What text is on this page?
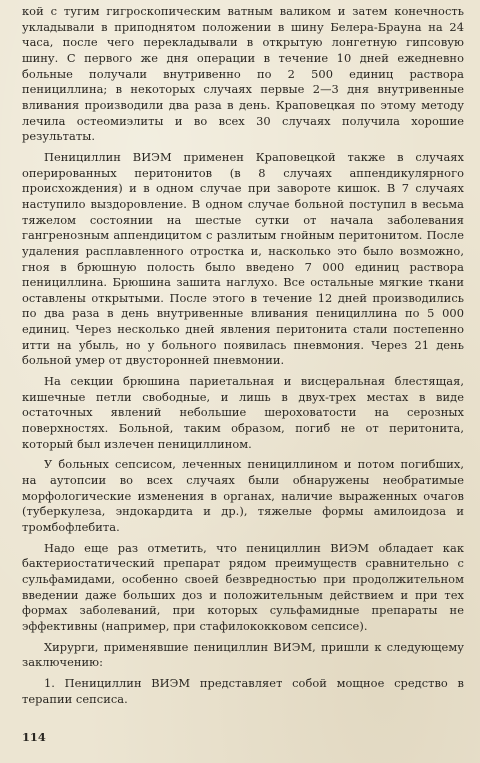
кой с тугим гигроскопическим ватным валиком и затем конечность укладывали в приподнятом положении в шину Белера-Брауна на 24 часа, после чего перекладывали в открытую лонгетную гипсовую шину. С первого же дня операции в течение 10 дней ежедневно больные получали внутривенно по 2 500 единиц раствора пенициллина; в некоторых случаях первые 2—3 дня внутривенные вливания производили два раза в день. Краповецкая по этому методу лечила остеомиэлиты и во всех 30 случаях получила хорошие результаты.

Пенициллин ВИЭМ применен Краповецкой также в случаях оперированных перитонитов (в 8 случаях аппендикулярного происхождения) и в одном случае при завороте кишок. В 7 случаях наступило выздоровление. В одном случае больной поступил в весьма тяжелом состоянии на шестые сутки от начала заболевания гангренозным аппендицитом с разлитым гнойным перитонитом. После удаления расплавленного отростка и, насколько это было возможно, гноя в брюшную полость было введено 7 000 единиц раствора пенициллина. Брюшина зашита наглухо. Все остальные мягкие ткани оставлены открытыми. После этого в течение 12 дней производились по два раза в день внутривенные вливания пенициллина по 5 000 единиц. Через несколько дней явления перитонита стали постепенно итти на убыль, но у больного появилась пневмония. Через 21 день больной умер от двусторонней пневмонии.

На секции брюшина париетальная и висцеральная блестящая, кишечные петли свободные, и лишь в двух-трех местах в виде остаточных явлений небольшие шероховатости на серозных поверхностях. Больной, таким образом, погиб не от перитонита, который был излечен пенициллином.

У больных сепсисом, леченных пенициллином и потом погибших, на аутопсии во всех случаях были обнаружены необратимые морфологические изменения в органах, наличие выраженных очагов (туберкулеза, эндокардита и др.), тяжелые формы амилоидоза и тромбофлебита.

Надо еще раз отметить, что пенициллин ВИЭМ обладает как бактериостатический препарат рядом преимуществ сравнительно с сульфамидами, особенно своей безвредностью при продолжительном введении даже больших доз и положительным действием и при тех формах заболеваний, при которых сульфамидные препараты не эффективны (например, при стафилококковом сепсисе).

Хирурги, применявшие пенициллин ВИЭМ, пришли к следующему заключению:

1. Пенициллин ВИЭМ представляет собой мощное средство в терапии сепсиса.

114
